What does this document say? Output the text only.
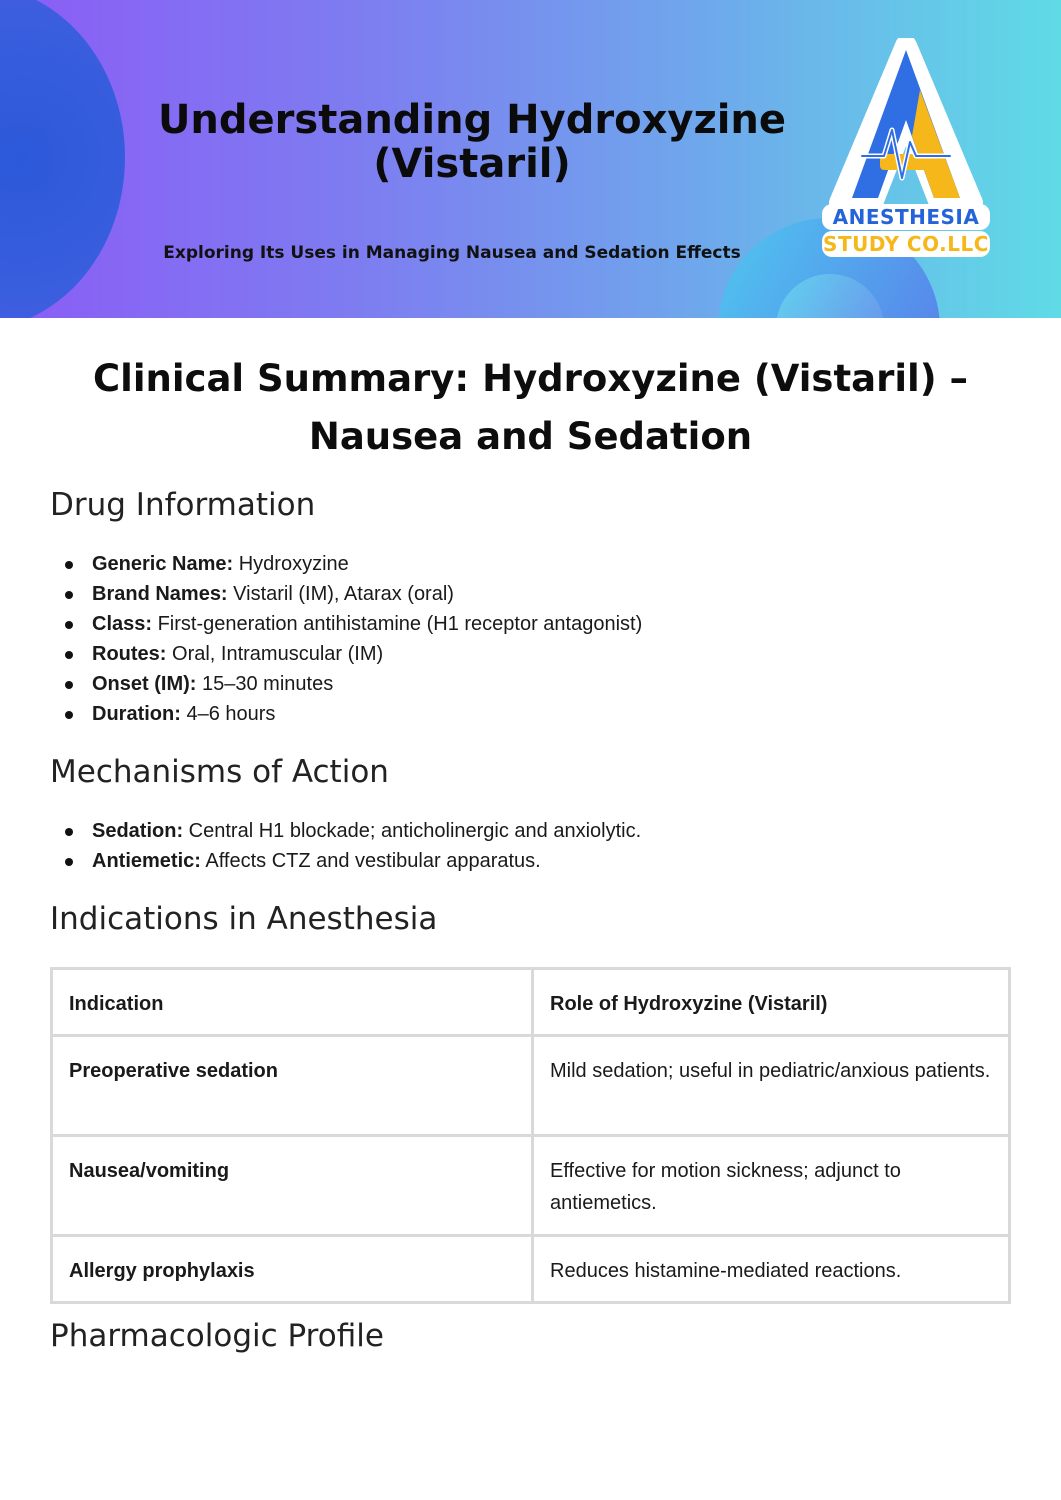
Understanding Hydroxyzine (Vistaril)

Exploring Its Uses in Managing Nausea and Sedation Effects

ANESTHESIA
STUDY CO.LLC
Clinical Summary: Hydroxyzine (Vistaril) – Nausea and Sedation
Drug Information
Generic Name: Hydroxyzine
Brand Names: Vistaril (IM), Atarax (oral)
Class: First-generation antihistamine (H1 receptor antagonist)
Routes: Oral, Intramuscular (IM)
Onset (IM): 15–30 minutes
Duration: 4–6 hours
Mechanisms of Action
Sedation: Central H1 blockade; anticholinergic and anxiolytic.
Antiemetic: Affects CTZ and vestibular apparatus.
Indications in Anesthesia
Indication	Role of Hydroxyzine (Vistaril)
Preoperative sedation	Mild sedation; useful in pediatric/anxious patients.
Nausea/vomiting	Effective for motion sickness; adjunct to antiemetics.
Allergy prophylaxis	Reduces histamine-mediated reactions.
Pharmacologic Profile
